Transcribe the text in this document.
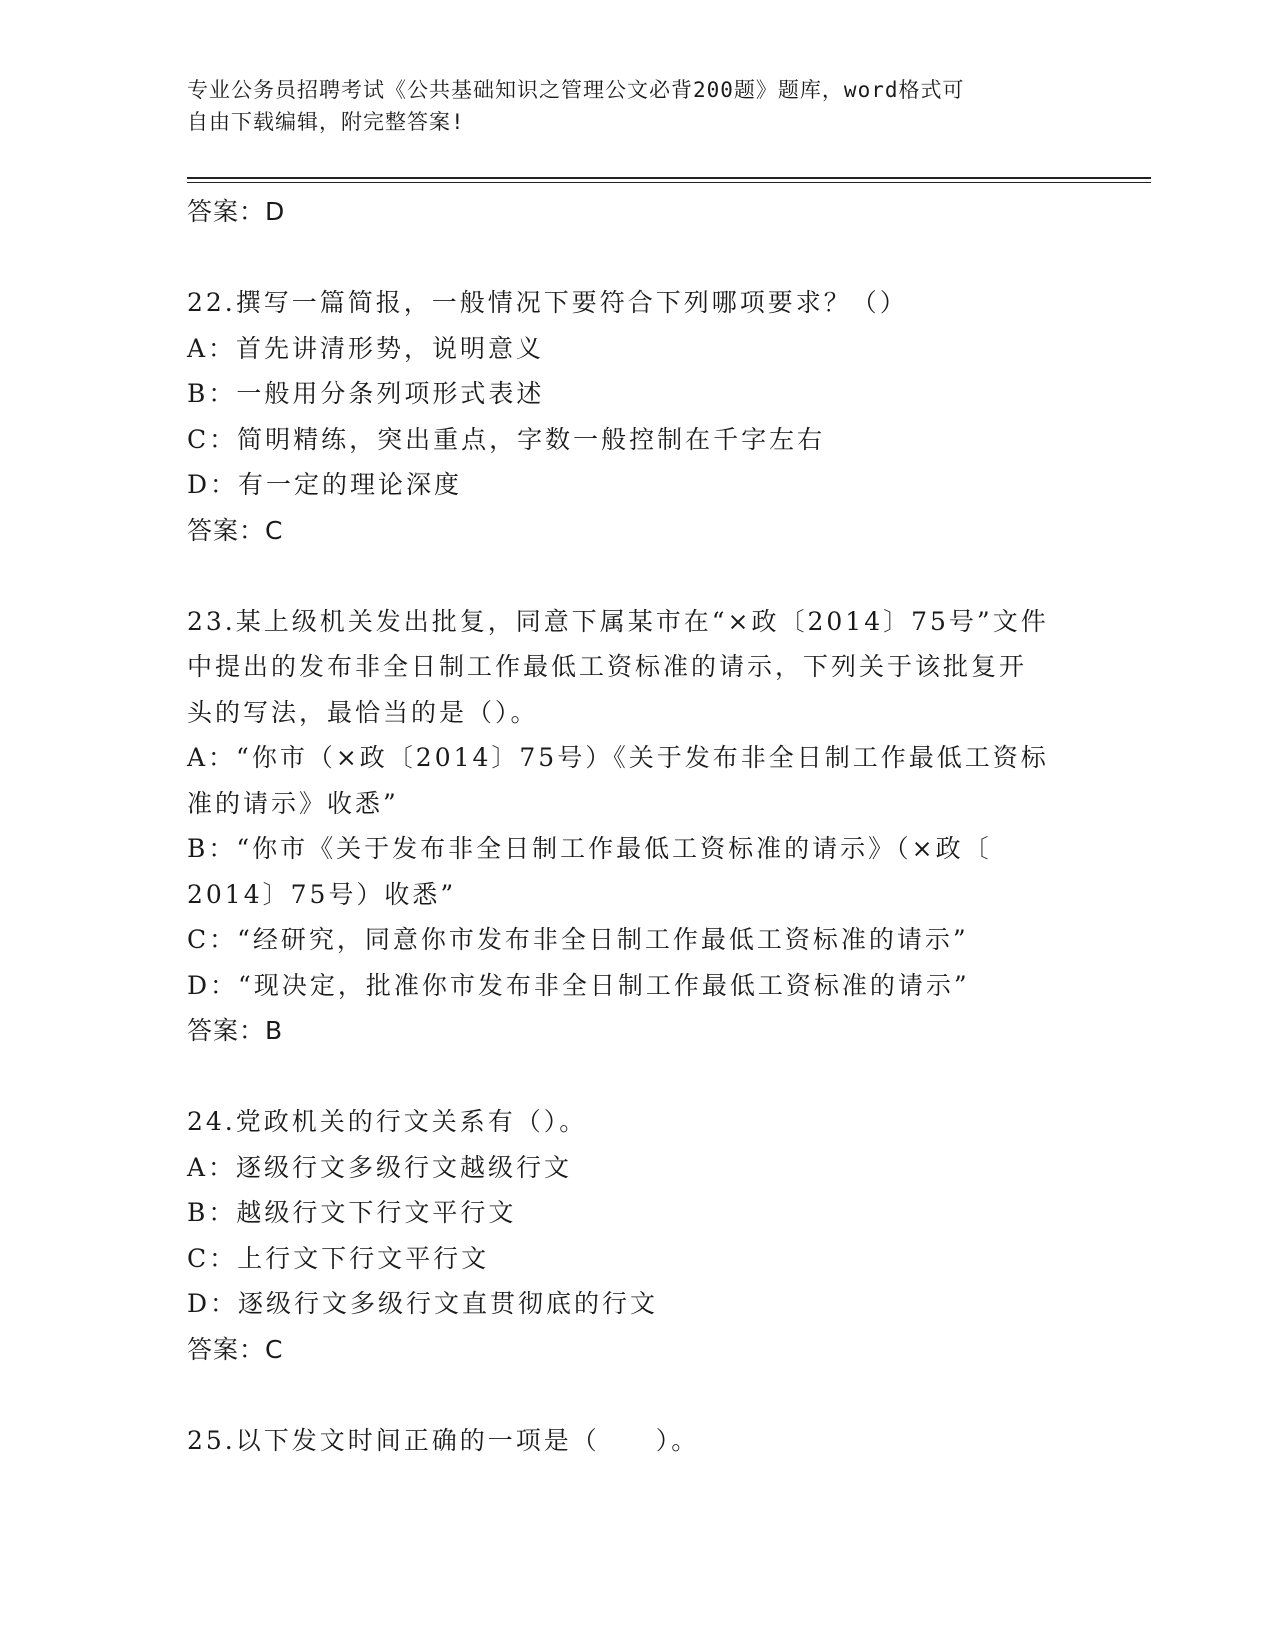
专业公务员招聘考试《公共基础知识之管理公文必背200题》题库，word格式可
自由下载编辑，附完整答案!

答案：D

22.撰写一篇简报，一般情况下要符合下列哪项要求？（）

A：首先讲清形势，说明意义

B：一般用分条列项形式表述

C：简明精练，突出重点，字数一般控制在千字左右

D：有一定的理论深度

答案：C

23.某上级机关发出批复，同意下属某市在“×政〔2014〕75号”文件

中提出的发布非全日制工作最低工资标准的请示，下列关于该批复开

头的写法，最恰当的是（）。

A：“你市（×政〔2014〕75号）《关于发布非全日制工作最低工资标

准的请示》收悉”

B：“你市《关于发布非全日制工作最低工资标准的请示》（×政〔

2014〕75号）收悉”

C：“经研究，同意你市发布非全日制工作最低工资标准的请示”

D：“现决定，批准你市发布非全日制工作最低工资标准的请示”

答案：B

24.党政机关的行文关系有（）。

A：逐级行文多级行文越级行文

B：越级行文下行文平行文

C：上行文下行文平行文

D：逐级行文多级行文直贯彻底的行文

答案：C

25.以下发文时间正确的一项是（　　）。
